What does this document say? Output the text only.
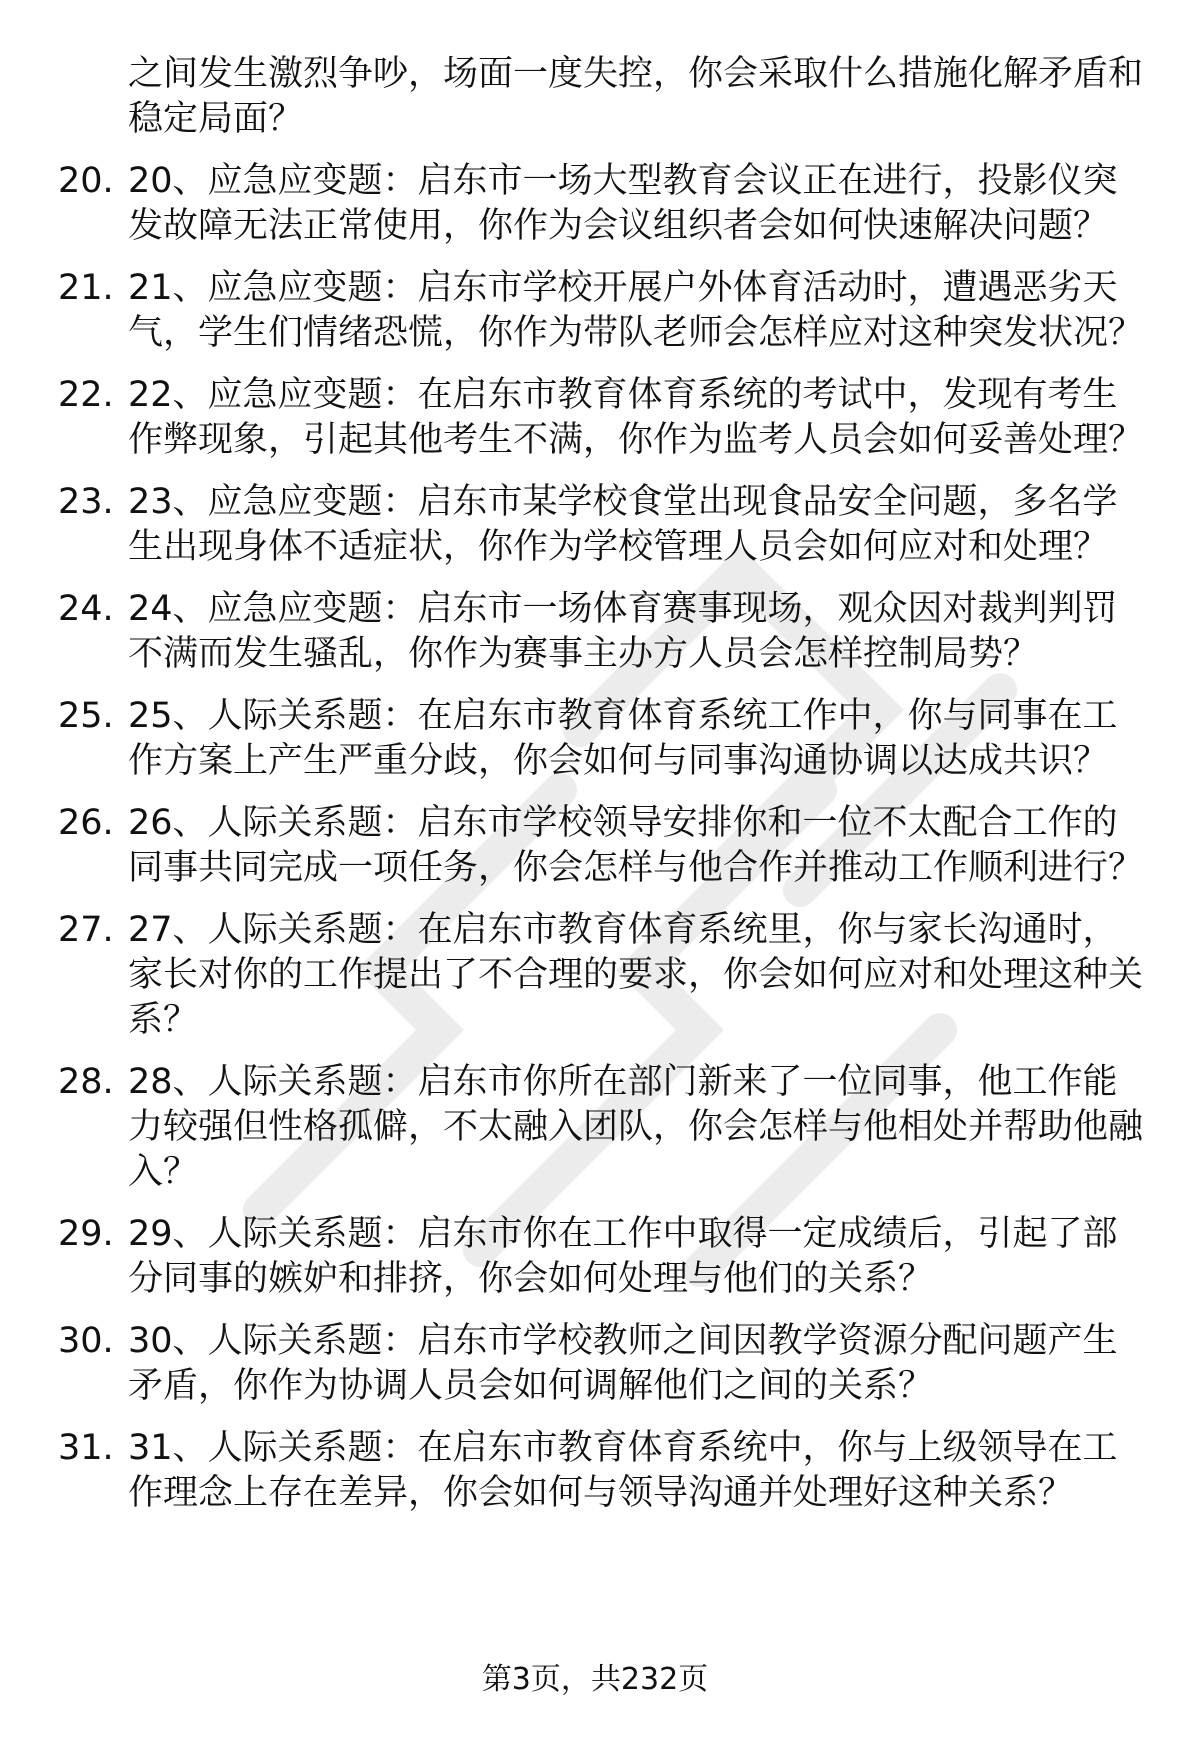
之间发生激烈争吵，场面一度失控，你会采取什么措施化解矛盾和稳定局面？
20. 20、应急应变题：启东市一场大型教育会议正在进行，投影仪突发故障无法正常使用，你作为会议组织者会如何快速解决问题？
21. 21、应急应变题：启东市学校开展户外体育活动时，遭遇恶劣天气，学生们情绪恐慌，你作为带队老师会怎样应对这种突发状况？
22. 22、应急应变题：在启东市教育体育系统的考试中，发现有考生作弊现象，引起其他考生不满，你作为监考人员会如何妥善处理？
23. 23、应急应变题：启东市某学校食堂出现食品安全问题，多名学生出现身体不适症状，你作为学校管理人员会如何应对和处理？
24. 24、应急应变题：启东市一场体育赛事现场，观众因对裁判判罚不满而发生骚乱，你作为赛事主办方人员会怎样控制局势？
25. 25、人际关系题：在启东市教育体育系统工作中，你与同事在工作方案上产生严重分歧，你会如何与同事沟通协调以达成共识？
26. 26、人际关系题：启东市学校领导安排你和一位不太配合工作的同事共同完成一项任务，你会怎样与他合作并推动工作顺利进行？
27. 27、人际关系题：在启东市教育体育系统里，你与家长沟通时，家长对你的工作提出了不合理的要求，你会如何应对和处理这种关系？
28. 28、人际关系题：启东市你所在部门新来了一位同事，他工作能力较强但性格孤僻，不太融入团队，你会怎样与他相处并帮助他融入？
29. 29、人际关系题：启东市你在工作中取得一定成绩后，引起了部分同事的嫉妒和排挤，你会如何处理与他们的关系？
30. 30、人际关系题：启东市学校教师之间因教学资源分配问题产生矛盾，你作为协调人员会如何调解他们之间的关系？
31. 31、人际关系题：在启东市教育体育系统中，你与上级领导在工作理念上存在差异，你会如何与领导沟通并处理好这种关系？
第3页，共232页
